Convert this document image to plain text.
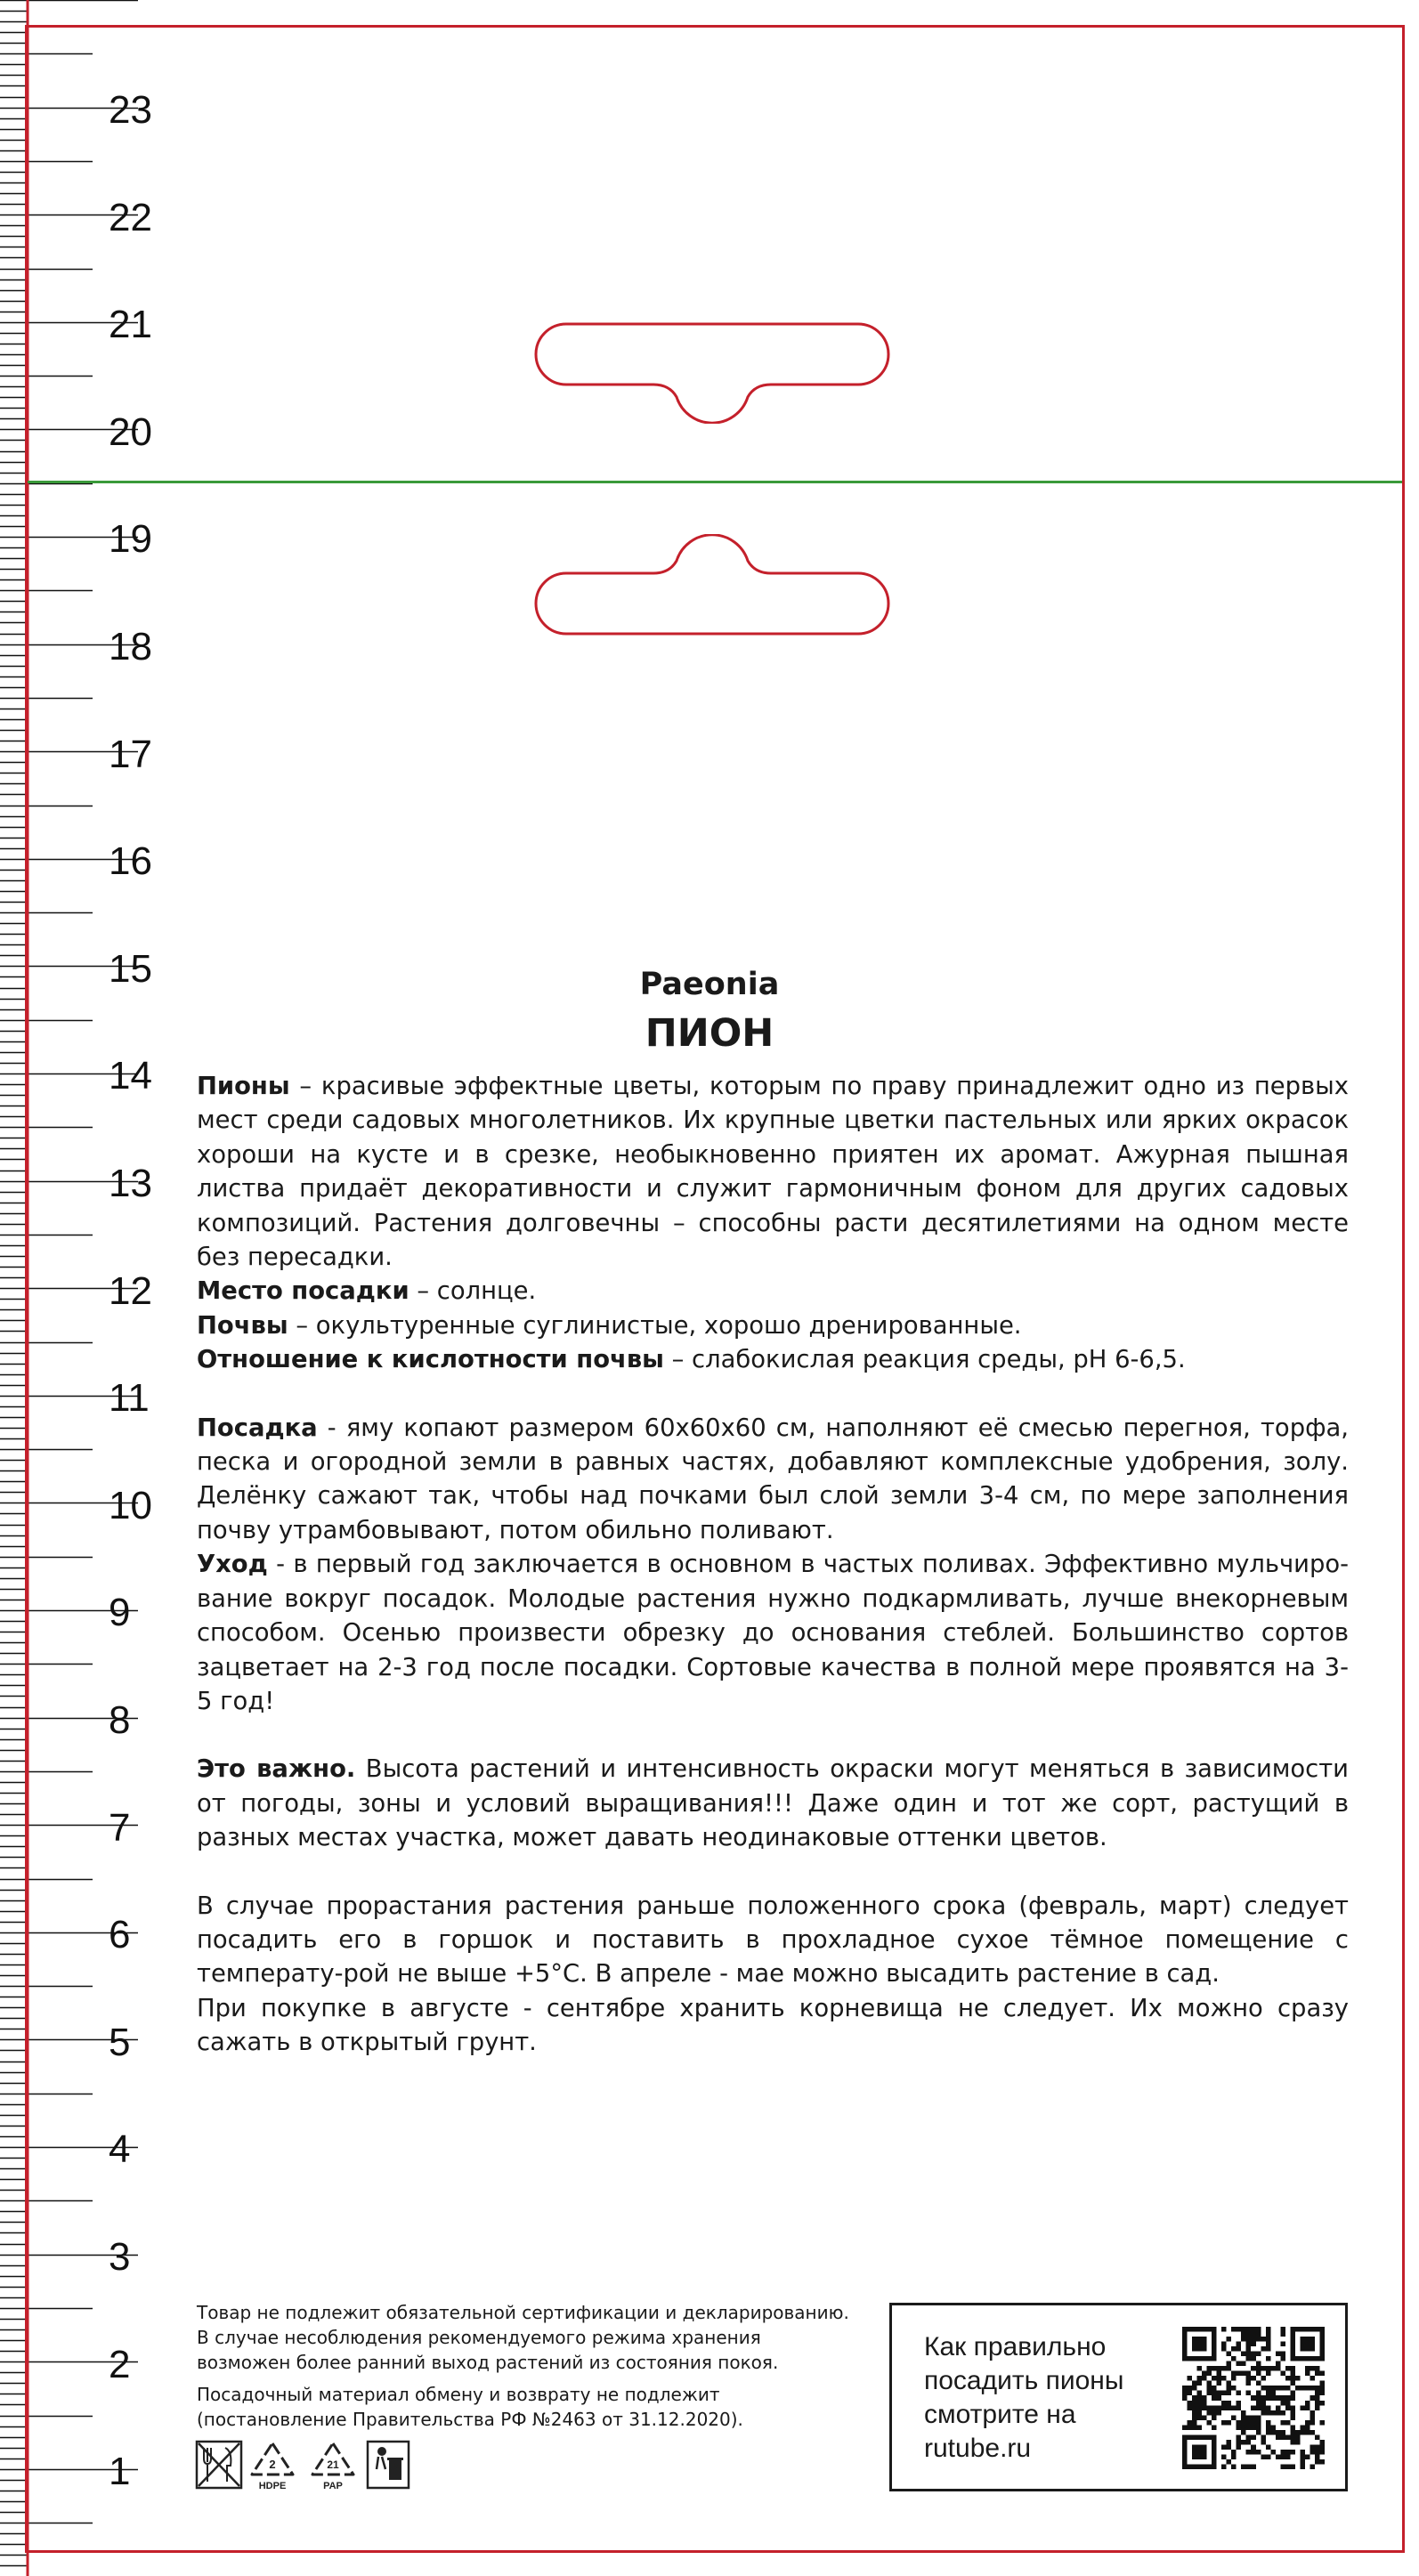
23
22
21
20
19
18
17
16
15
14
13
12
11
10
9
8
7
6
5
4
3
2
1
Paeonia
ПИОН

Пионы – красивые эффектные цветы, которым по праву принадлежит одно из первых мест среди садовых многолетников. Их крупные цветки пастельных или ярких окрасок хороши на кусте и в срезке, необыкновенно приятен их аромат. Ажурная пышная листва придаёт декоративности и служит гармоничным фоном для других садовых композиций. Растения долговечны – способны расти десятилетиями на одном месте без пересадки.

Место посадки – солнце.

Почвы – окультуренные суглинистые, хорошо дренированные.

Отношение к кислотности почвы – слабокислая реакция среды, рН 6-6,5.

Посадка - яму копают размером 60х60х60 см, наполняют её смесью перегноя, торфа, песка и огородной земли в равных частях, добавляют комплексные удобрения, золу. Делёнку сажают так, чтобы над почками был слой земли 3-4 см, по мере заполнения почву утрамбовывают, потом обильно поливают.

Уход - в первый год заключается в основном в частых поливах. Эффективно мульчиро-вание вокруг посадок. Молодые растения нужно подкармливать, лучше внекорневым способом. Осенью произвести обрезку до основания стеблей. Большинство сортов зацветает на 2-3 год после посадки. Сортовые качества в полной мере проявятся на 3-5 год!

Это важно. Высота растений и интенсивность окраски могут меняться в зависимости от погоды, зоны и условий выращивания!!! Даже один и тот же сорт, растущий в разных местах участка, может давать неодинаковые оттенки цветов.

В случае прорастания растения раньше положенного срока (февраль, март) следует посадить его в горшок и поставить в прохладное сухое тёмное помещение с температу-рой не выше +5°С. В апреле - мае можно высадить растение в сад.

При покупке в августе - сентябре хранить корневища не следует. Их можно сразу сажать в открытый грунт.

Товар не подлежит обязательной сертификации и декларированию.
В случае несоблюдения рекомендуемого режима хранения
возможен более ранний выход растений из состояния покоя.

Посадочный материал обмену и возврату не подлежит
(постановление Правительства РФ №2463 от 31.12.2020).

2
HDPE
21
PAP
Как правильно
посадить пионы
смотрите на
rutube.ru
